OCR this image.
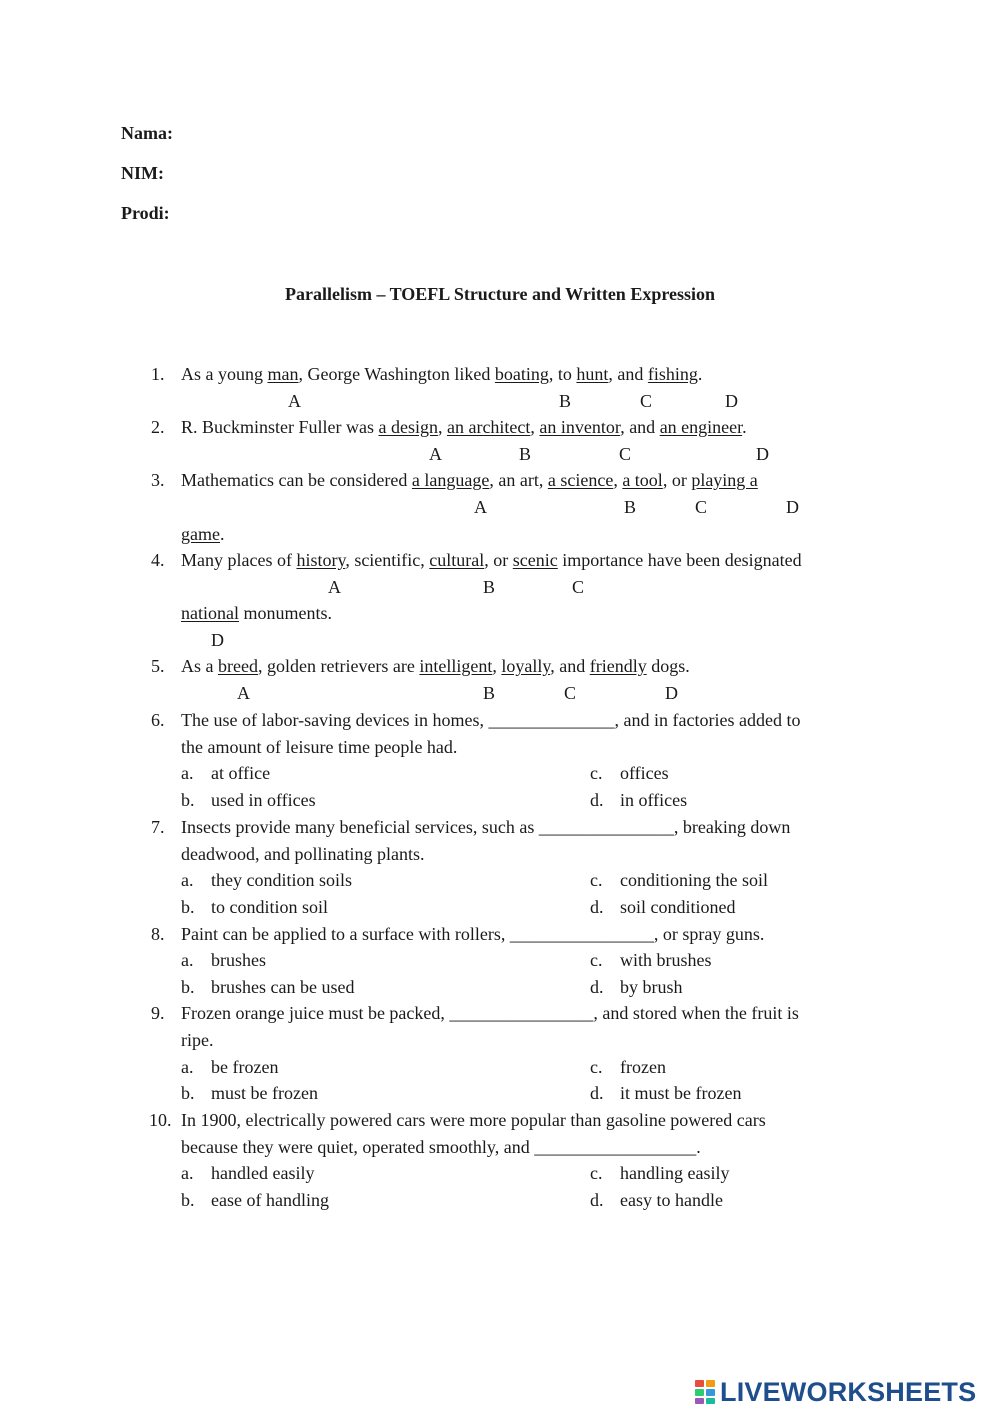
Nama:
NIM:
Prodi:
Parallelism – TOEFL Structure and Written Expression
1. As a young man, George Washington liked boating, to hunt, and fishing.
A	B	C	D
2. R. Buckminster Fuller was a design, an architect, an inventor, and an engineer.
A	B	C	D
3. Mathematics can be considered a language, an art, a science, a tool, or playing a
A	B	C	D
game.
4. Many places of history, scientific, cultural, or scenic importance have been designated
A	B	C
national monuments.
D
5. As a breed, golden retrievers are intelligent, loyally, and friendly dogs.
A	B	C	D
6. The use of labor-saving devices in homes, ______________, and in factories added to
the amount of leisure time people had.
a. at office
b. used in offices
c. offices
d. in offices
7. Insects provide many beneficial services, such as _______________, breaking down
deadwood, and pollinating plants.
a. they condition soils
b. to condition soil
c. conditioning the soil
d. soil conditioned
8. Paint can be applied to a surface with rollers, ________________, or spray guns.
a. brushes
b. brushes can be used
c. with brushes
d. by brush
9. Frozen orange juice must be packed, ________________, and stored when the fruit is
ripe.
a. be frozen
b. must be frozen
c. frozen
d. it must be frozen
10. In 1900, electrically powered cars were more popular than gasoline powered cars
because they were quiet, operated smoothly, and __________________.
a. handled easily
b. ease of handling
c. handling easily
d. easy to handle
LIVEWORKSHEETS
